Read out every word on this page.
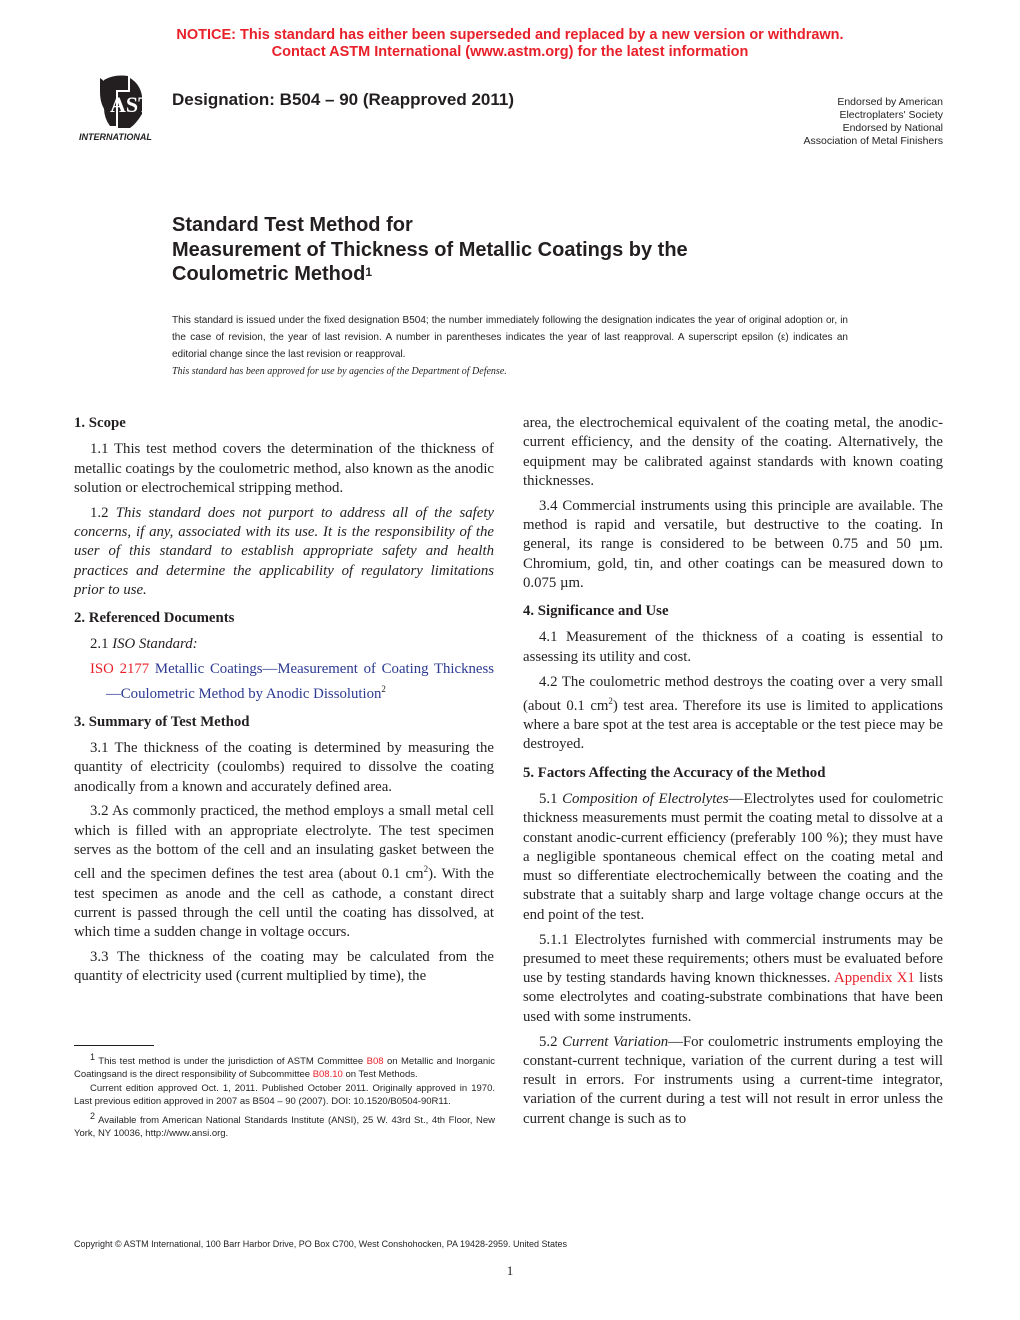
NOTICE: This standard has either been superseded and replaced by a new version or withdrawn.
Contact ASTM International (www.astm.org) for the latest information
ASTM
INTERNATIONAL
Designation: B504 – 90 (Reapproved 2011)	Endorsed by American
Electroplaters' Society
Endorsed by National
Association of Metal Finishers
Standard Test Method for
Measurement of Thickness of Metallic Coatings by the
Coulometric Method$^1$
This standard is issued under the fixed designation B504; the number immediately following the designation indicates the year of original adoption or, in the case of revision, the year of last revision. A number in parentheses indicates the year of last reapproval. A superscript epsilon (ε) indicates an editorial change since the last revision or reapproval.
This standard has been approved for use by agencies of the Department of Defense.
1. Scope

1.1 This test method covers the determination of the thickness of metallic coatings by the coulometric method, also known as the anodic solution or electrochemical stripping method.

1.2 This standard does not purport to address all of the safety concerns, if any, associated with its use. It is the responsibility of the user of this standard to establish appropriate safety and health practices and determine the applicability of regulatory limitations prior to use.

2. Referenced Documents

2.1 ISO Standard:

ISO 2177 Metallic Coatings—Measurement of Coating Thickness—Coulometric Method by Anodic Dissolution$^2$

3. Summary of Test Method

3.1 The thickness of the coating is determined by measuring the quantity of electricity (coulombs) required to dissolve the coating anodically from a known and accurately defined area.

3.2 As commonly practiced, the method employs a small metal cell which is filled with an appropriate electrolyte. The test specimen serves as the bottom of the cell and an insulating gasket between the cell and the specimen defines the test area (about 0.1 $cm^2$). With the test specimen as anode and the cell as cathode, a constant direct current is passed through the cell until the coating has dissolved, at which time a sudden change in voltage occurs.

3.3 The thickness of the coating may be calculated from the quantity of electricity used (current multiplied by time), the

area, the electrochemical equivalent of the coating metal, the anodic-current efficiency, and the density of the coating. Alternatively, the equipment may be calibrated against standards with known coating thicknesses.

3.4 Commercial instruments using this principle are available. The method is rapid and versatile, but destructive to the coating. In general, its range is considered to be between 0.75 and 50 µm. Chromium, gold, tin, and other coatings can be measured down to 0.075 µm.

4. Significance and Use

4.1 Measurement of the thickness of a coating is essential to assessing its utility and cost.

4.2 The coulometric method destroys the coating over a very small (about 0.1 $cm^2$) test area. Therefore its use is limited to applications where a bare spot at the test area is acceptable or the test piece may be destroyed.

5. Factors Affecting the Accuracy of the Method

5.1 Composition of Electrolytes—Electrolytes used for coulometric thickness measurements must permit the coating metal to dissolve at a constant anodic-current efficiency (preferably 100 %); they must have a negligible spontaneous chemical effect on the coating metal and must so differentiate electrochemically between the coating and the substrate that a suitably sharp and large voltage change occurs at the end point of the test.

5.1.1 Electrolytes furnished with commercial instruments may be presumed to meet these requirements; others must be evaluated before use by testing standards having known thicknesses. Appendix X1 lists some electrolytes and coating-substrate combinations that have been used with some instruments.

5.2 Current Variation—For coulometric instruments employing the constant-current technique, variation of the current during a test will result in errors. For instruments using a current-time integrator, variation of the current during a test will not result in error unless the current change is such as to

$^1$ This test method is under the jurisdiction of ASTM Committee B08 on Metallic and Inorganic Coatingsand is the direct responsibility of Subcommittee B08.10 on Test Methods.

Current edition approved Oct. 1, 2011. Published October 2011. Originally approved in 1970. Last previous edition approved in 2007 as B504 – 90 (2007). DOI: 10.1520/B0504-90R11.

$^2$ Available from American National Standards Institute (ANSI), 25 W. 43rd St., 4th Floor, New York, NY 10036, http://www.ansi.org.

Copyright © ASTM International, 100 Barr Harbor Drive, PO Box C700, West Conshohocken, PA 19428-2959. United States
1
